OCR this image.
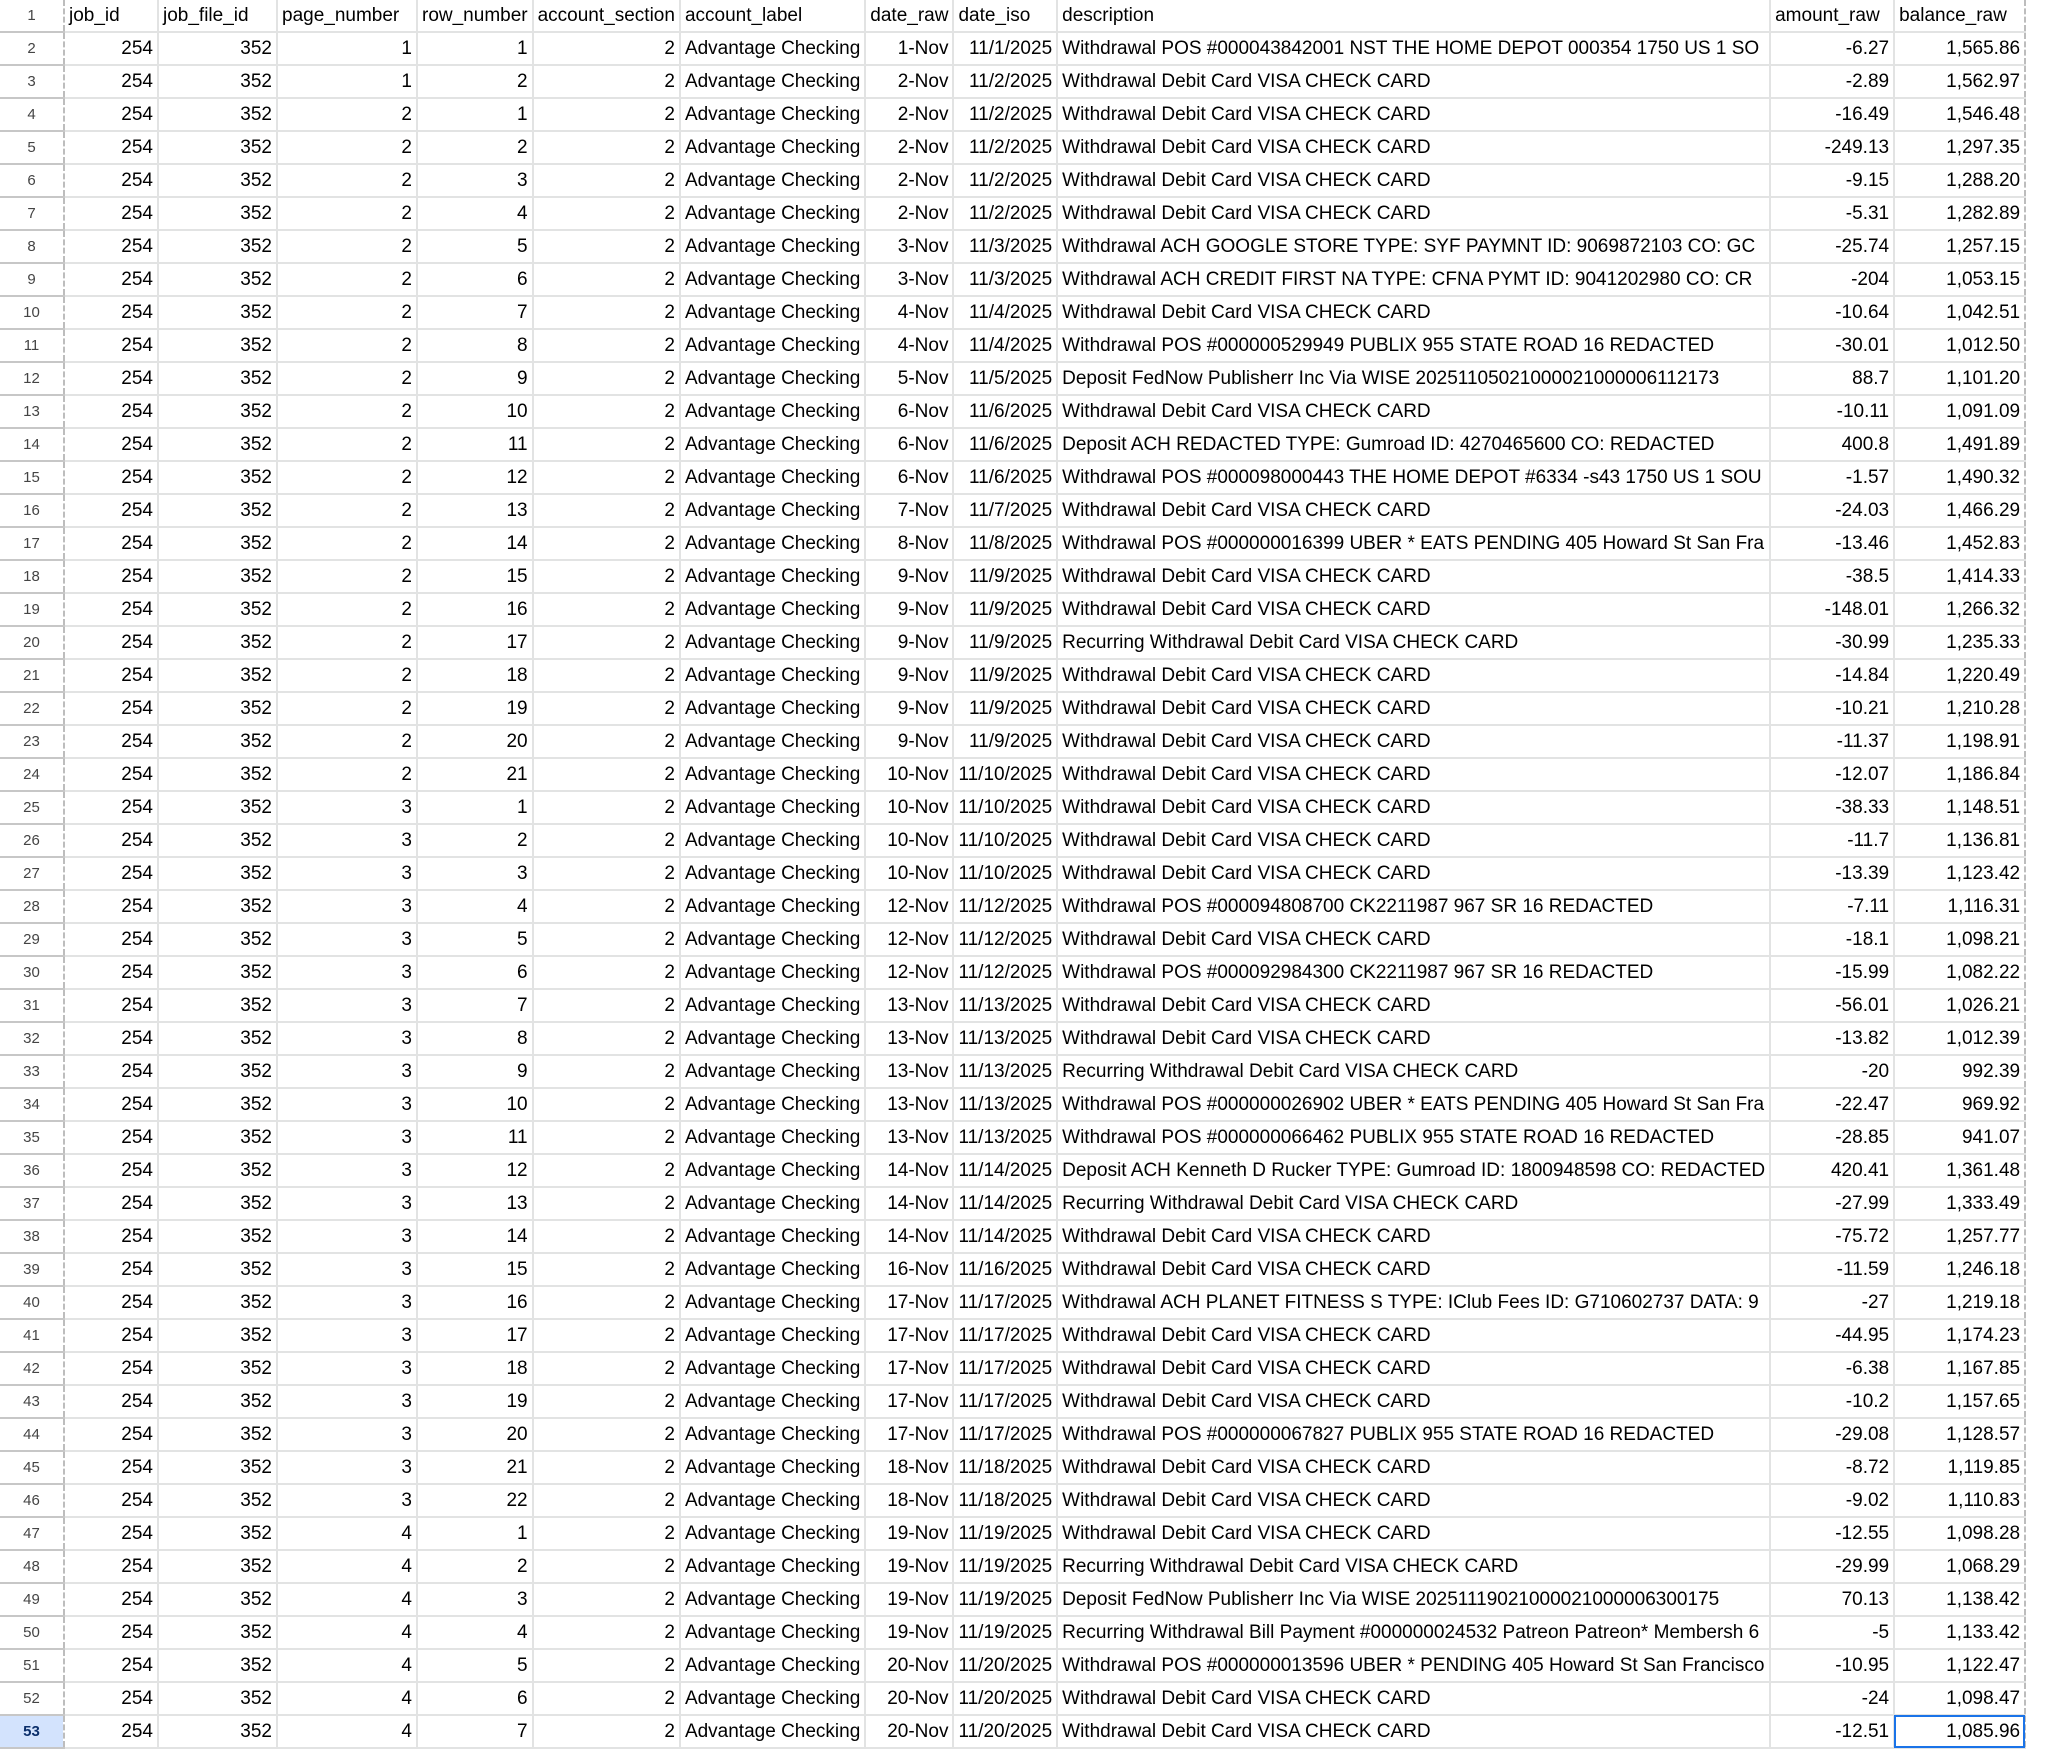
1	job_id	job_file_id	page_number	row_number	account_section	account_label	date_raw	date_iso	description	amount_raw	balance_raw
2	254	352	1	1	2	Advantage Checking	1-Nov	11/1/2025	Withdrawal POS #000043842001 NST THE HOME DEPOT 000354 1750 US 1 SO	-6.27	1,565.86
3	254	352	1	2	2	Advantage Checking	2-Nov	11/2/2025	Withdrawal Debit Card VISA CHECK CARD	-2.89	1,562.97
4	254	352	2	1	2	Advantage Checking	2-Nov	11/2/2025	Withdrawal Debit Card VISA CHECK CARD	-16.49	1,546.48
5	254	352	2	2	2	Advantage Checking	2-Nov	11/2/2025	Withdrawal Debit Card VISA CHECK CARD	-249.13	1,297.35
6	254	352	2	3	2	Advantage Checking	2-Nov	11/2/2025	Withdrawal Debit Card VISA CHECK CARD	-9.15	1,288.20
7	254	352	2	4	2	Advantage Checking	2-Nov	11/2/2025	Withdrawal Debit Card VISA CHECK CARD	-5.31	1,282.89
8	254	352	2	5	2	Advantage Checking	3-Nov	11/3/2025	Withdrawal ACH GOOGLE STORE TYPE: SYF PAYMNT ID: 9069872103 CO: GC	-25.74	1,257.15
9	254	352	2	6	2	Advantage Checking	3-Nov	11/3/2025	Withdrawal ACH CREDIT FIRST NA TYPE: CFNA PYMT ID: 9041202980 CO: CR	-204	1,053.15
10	254	352	2	7	2	Advantage Checking	4-Nov	11/4/2025	Withdrawal Debit Card VISA CHECK CARD	-10.64	1,042.51
11	254	352	2	8	2	Advantage Checking	4-Nov	11/4/2025	Withdrawal POS #000000529949 PUBLIX 955 STATE ROAD 16 REDACTED	-30.01	1,012.50
12	254	352	2	9	2	Advantage Checking	5-Nov	11/5/2025	Deposit FedNow Publisherr Inc Via WISE 20251105021000021000006112173	88.7	1,101.20
13	254	352	2	10	2	Advantage Checking	6-Nov	11/6/2025	Withdrawal Debit Card VISA CHECK CARD	-10.11	1,091.09
14	254	352	2	11	2	Advantage Checking	6-Nov	11/6/2025	Deposit ACH REDACTED TYPE: Gumroad ID: 4270465600 CO: REDACTED	400.8	1,491.89
15	254	352	2	12	2	Advantage Checking	6-Nov	11/6/2025	Withdrawal POS #000098000443 THE HOME DEPOT #6334 -s43 1750 US 1 SOU	-1.57	1,490.32
16	254	352	2	13	2	Advantage Checking	7-Nov	11/7/2025	Withdrawal Debit Card VISA CHECK CARD	-24.03	1,466.29
17	254	352	2	14	2	Advantage Checking	8-Nov	11/8/2025	Withdrawal POS #000000016399 UBER * EATS PENDING 405 Howard St San Fra	-13.46	1,452.83
18	254	352	2	15	2	Advantage Checking	9-Nov	11/9/2025	Withdrawal Debit Card VISA CHECK CARD	-38.5	1,414.33
19	254	352	2	16	2	Advantage Checking	9-Nov	11/9/2025	Withdrawal Debit Card VISA CHECK CARD	-148.01	1,266.32
20	254	352	2	17	2	Advantage Checking	9-Nov	11/9/2025	Recurring Withdrawal Debit Card VISA CHECK CARD	-30.99	1,235.33
21	254	352	2	18	2	Advantage Checking	9-Nov	11/9/2025	Withdrawal Debit Card VISA CHECK CARD	-14.84	1,220.49
22	254	352	2	19	2	Advantage Checking	9-Nov	11/9/2025	Withdrawal Debit Card VISA CHECK CARD	-10.21	1,210.28
23	254	352	2	20	2	Advantage Checking	9-Nov	11/9/2025	Withdrawal Debit Card VISA CHECK CARD	-11.37	1,198.91
24	254	352	2	21	2	Advantage Checking	10-Nov	11/10/2025	Withdrawal Debit Card VISA CHECK CARD	-12.07	1,186.84
25	254	352	3	1	2	Advantage Checking	10-Nov	11/10/2025	Withdrawal Debit Card VISA CHECK CARD	-38.33	1,148.51
26	254	352	3	2	2	Advantage Checking	10-Nov	11/10/2025	Withdrawal Debit Card VISA CHECK CARD	-11.7	1,136.81
27	254	352	3	3	2	Advantage Checking	10-Nov	11/10/2025	Withdrawal Debit Card VISA CHECK CARD	-13.39	1,123.42
28	254	352	3	4	2	Advantage Checking	12-Nov	11/12/2025	Withdrawal POS #000094808700 CK2211987 967 SR 16 REDACTED	-7.11	1,116.31
29	254	352	3	5	2	Advantage Checking	12-Nov	11/12/2025	Withdrawal Debit Card VISA CHECK CARD	-18.1	1,098.21
30	254	352	3	6	2	Advantage Checking	12-Nov	11/12/2025	Withdrawal POS #000092984300 CK2211987 967 SR 16 REDACTED	-15.99	1,082.22
31	254	352	3	7	2	Advantage Checking	13-Nov	11/13/2025	Withdrawal Debit Card VISA CHECK CARD	-56.01	1,026.21
32	254	352	3	8	2	Advantage Checking	13-Nov	11/13/2025	Withdrawal Debit Card VISA CHECK CARD	-13.82	1,012.39
33	254	352	3	9	2	Advantage Checking	13-Nov	11/13/2025	Recurring Withdrawal Debit Card VISA CHECK CARD	-20	992.39
34	254	352	3	10	2	Advantage Checking	13-Nov	11/13/2025	Withdrawal POS #000000026902 UBER * EATS PENDING 405 Howard St San Fra	-22.47	969.92
35	254	352	3	11	2	Advantage Checking	13-Nov	11/13/2025	Withdrawal POS #000000066462 PUBLIX 955 STATE ROAD 16 REDACTED	-28.85	941.07
36	254	352	3	12	2	Advantage Checking	14-Nov	11/14/2025	Deposit ACH Kenneth D Rucker TYPE: Gumroad ID: 1800948598 CO: REDACTED	420.41	1,361.48
37	254	352	3	13	2	Advantage Checking	14-Nov	11/14/2025	Recurring Withdrawal Debit Card VISA CHECK CARD	-27.99	1,333.49
38	254	352	3	14	2	Advantage Checking	14-Nov	11/14/2025	Withdrawal Debit Card VISA CHECK CARD	-75.72	1,257.77
39	254	352	3	15	2	Advantage Checking	16-Nov	11/16/2025	Withdrawal Debit Card VISA CHECK CARD	-11.59	1,246.18
40	254	352	3	16	2	Advantage Checking	17-Nov	11/17/2025	Withdrawal ACH PLANET FITNESS S TYPE: IClub Fees ID: G710602737 DATA: 9	-27	1,219.18
41	254	352	3	17	2	Advantage Checking	17-Nov	11/17/2025	Withdrawal Debit Card VISA CHECK CARD	-44.95	1,174.23
42	254	352	3	18	2	Advantage Checking	17-Nov	11/17/2025	Withdrawal Debit Card VISA CHECK CARD	-6.38	1,167.85
43	254	352	3	19	2	Advantage Checking	17-Nov	11/17/2025	Withdrawal Debit Card VISA CHECK CARD	-10.2	1,157.65
44	254	352	3	20	2	Advantage Checking	17-Nov	11/17/2025	Withdrawal POS #000000067827 PUBLIX 955 STATE ROAD 16 REDACTED	-29.08	1,128.57
45	254	352	3	21	2	Advantage Checking	18-Nov	11/18/2025	Withdrawal Debit Card VISA CHECK CARD	-8.72	1,119.85
46	254	352	3	22	2	Advantage Checking	18-Nov	11/18/2025	Withdrawal Debit Card VISA CHECK CARD	-9.02	1,110.83
47	254	352	4	1	2	Advantage Checking	19-Nov	11/19/2025	Withdrawal Debit Card VISA CHECK CARD	-12.55	1,098.28
48	254	352	4	2	2	Advantage Checking	19-Nov	11/19/2025	Recurring Withdrawal Debit Card VISA CHECK CARD	-29.99	1,068.29
49	254	352	4	3	2	Advantage Checking	19-Nov	11/19/2025	Deposit FedNow Publisherr Inc Via WISE 20251119021000021000006300175	70.13	1,138.42
50	254	352	4	4	2	Advantage Checking	19-Nov	11/19/2025	Recurring Withdrawal Bill Payment #000000024532 Patreon Patreon* Membersh 6	-5	1,133.42
51	254	352	4	5	2	Advantage Checking	20-Nov	11/20/2025	Withdrawal POS #000000013596 UBER * PENDING 405 Howard St San Francisco	-10.95	1,122.47
52	254	352	4	6	2	Advantage Checking	20-Nov	11/20/2025	Withdrawal Debit Card VISA CHECK CARD	-24	1,098.47
53	254	352	4	7	2	Advantage Checking	20-Nov	11/20/2025	Withdrawal Debit Card VISA CHECK CARD	-12.51	1,085.96
